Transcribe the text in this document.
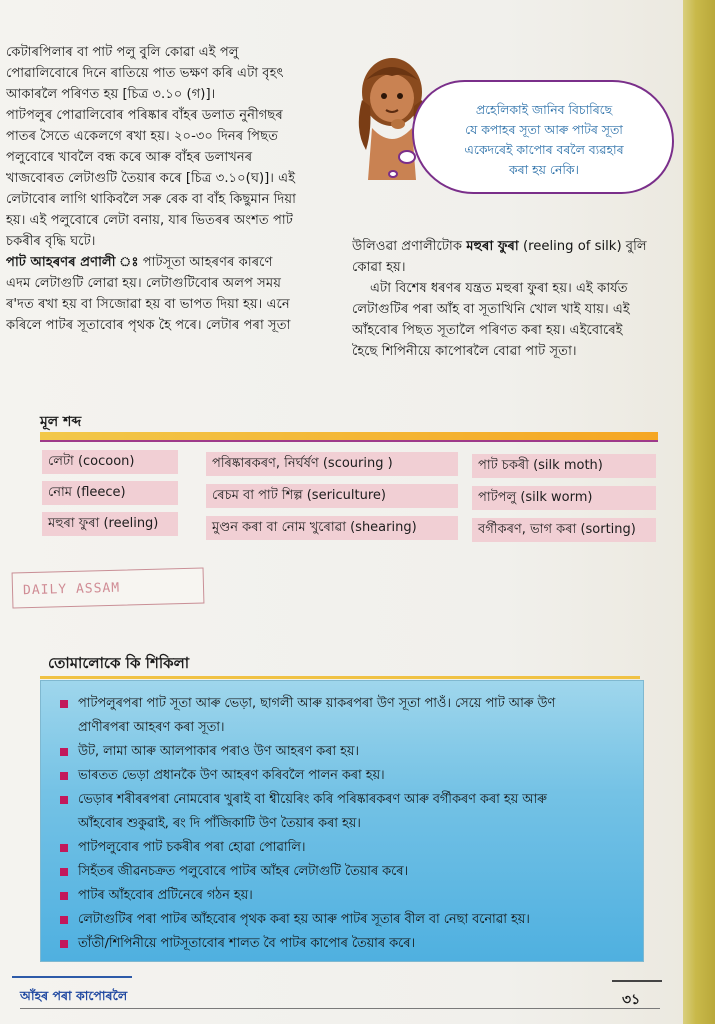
কেটাৰপিলাৰ বা পাট পলু বুলি কোৱা এই পলু
পোৱালিবোৰে দিনে ৰাতিয়ে পাত ভক্ষণ কৰি এটা বৃহৎ
আকাৰলৈ পৰিণত হয় [চিত্ৰ ৩.১০ (গ)]।
পাটপলুৰ পোৱালিবোৰ পৰিষ্কাৰ বাঁহৰ ডলাত নুনীগছৰ
পাতৰ সৈতে একেলগে ৰখা হয়। ২০-৩০ দিনৰ পিছত
পলুবোৰে খাবলৈ বন্ধ কৰে আৰু বাঁহৰ ডলাখনৰ
খাজবোৰত লেটাগুটি তৈয়াৰ কৰে [চিত্ৰ ৩.১০(ঘ)]। এই
লেটাবোৰ লাগি থাকিবলৈ সৰু ৰেক বা বাঁহ কিছুমান দিয়া
হয়। এই পলুবোৰে লেটা বনায়, যাৰ ভিতৰৰ অংশত পাট
চকৰীৰ বৃদ্ধি ঘটে।
পাট আহৰণৰ প্ৰণালী ঃ পাটসূতা আহৰণৰ কাৰণে
এদম লেটাগুটি লোৱা হয়। লেটাগুটিবোৰ অলপ সময়
ৰ'দত ৰখা হয় বা সিজোৱা হয় বা ভাপত দিয়া হয়। এনে
কৰিলে পাটৰ সূতাবোৰ পৃথক হৈ পৰে। লেটাৰ পৰা সূতা
প্ৰহেলিকাই জানিব বিচাৰিছে
যে কপাহৰ সূতা আৰু পাটৰ সূতা
একেদৰেই কাপোৰ বৰলৈ ব্যৱহাৰ
কৰা হয় নেকি।
উলিওৱা প্ৰণালীটোক মহুৰা ফুৰা (reeling of silk) বুলি
কোৱা হয়।
এটা বিশেষ ধৰণৰ যন্ত্ৰত মহুৰা ফুৰা হয়। এই কাৰ্যত
লেটাগুটিৰ পৰা আঁহ বা সূতাখিনি খোল খাই যায়। এই
আঁহবোৰ পিছত সূতালৈ পৰিণত কৰা হয়। এইবোৰেই
হৈছে শিপিনীয়ে কাপোৰলৈ বোৱা পাট সূতা।
মূল শব্দ
লেটা (cocoon)	পৰিষ্কাৰকৰণ, নিৰ্ঘৰ্ষণ (scouring )	পাট চকৰী (silk moth)
নোম (fleece)	ৰেচম বা পাট শিল্প (sericulture)	পাটপলু (silk worm)
মহুৰা ফুৰা (reeling)	মুণ্ডন কৰা বা নোম খুৰোৱা (shearing)	বৰ্গীকৰণ, ভাগ কৰা (sorting)
DAILY ASSAM
তোমালোকে কি শিকিলা
পাটপলুৰপৰা পাট সূতা আৰু ভেড়া, ছাগলী আৰু য়াকৰপৰা উণ সূতা পাওঁ। সেয়ে পাট আৰু উণ
প্ৰাণীৰপৰা আহৰণ কৰা সূতা।
উট, লামা আৰু আলপাকাৰ পৰাও উণ আহৰণ কৰা হয়।
ভাৰতত ভেড়া প্ৰধানকৈ উণ আহৰণ কৰিবলৈ পালন কৰা হয়।
ভেড়াৰ শৰীৰৰপৰা নোমবোৰ খুৰাই বা শ্বীয়েৰিং কৰি পৰিষ্কাৰকৰণ আৰু বৰ্গীকৰণ কৰা হয় আৰু
আঁহবোৰ শুকুৱাই, ৰং দি পাঁজিকাটি উণ তৈয়াৰ কৰা হয়।
পাটপলুবোৰ পাট চকৰীৰ পৰা হোৱা পোৱালি।
সিহঁতৰ জীৱনচক্ৰত পলুবোৰে পাটৰ আঁহৰ লেটাগুটি তৈয়াৰ কৰে।
পাটৰ আঁহবোৰ প্ৰটিনেৰে গঠন হয়।
লেটাগুটিৰ পৰা পাটৰ আঁহবোৰ পৃথক কৰা হয় আৰু পাটৰ সূতাৰ বীল বা নেছা বনোৱা হয়।
তাঁতী/শিপিনীয়ে পাটসূতাবোৰ শালত বৈ পাটৰ কাপোৰ তৈয়াৰ কৰে।
আঁহৰ পৰা কাপোৰলৈ	৩১
